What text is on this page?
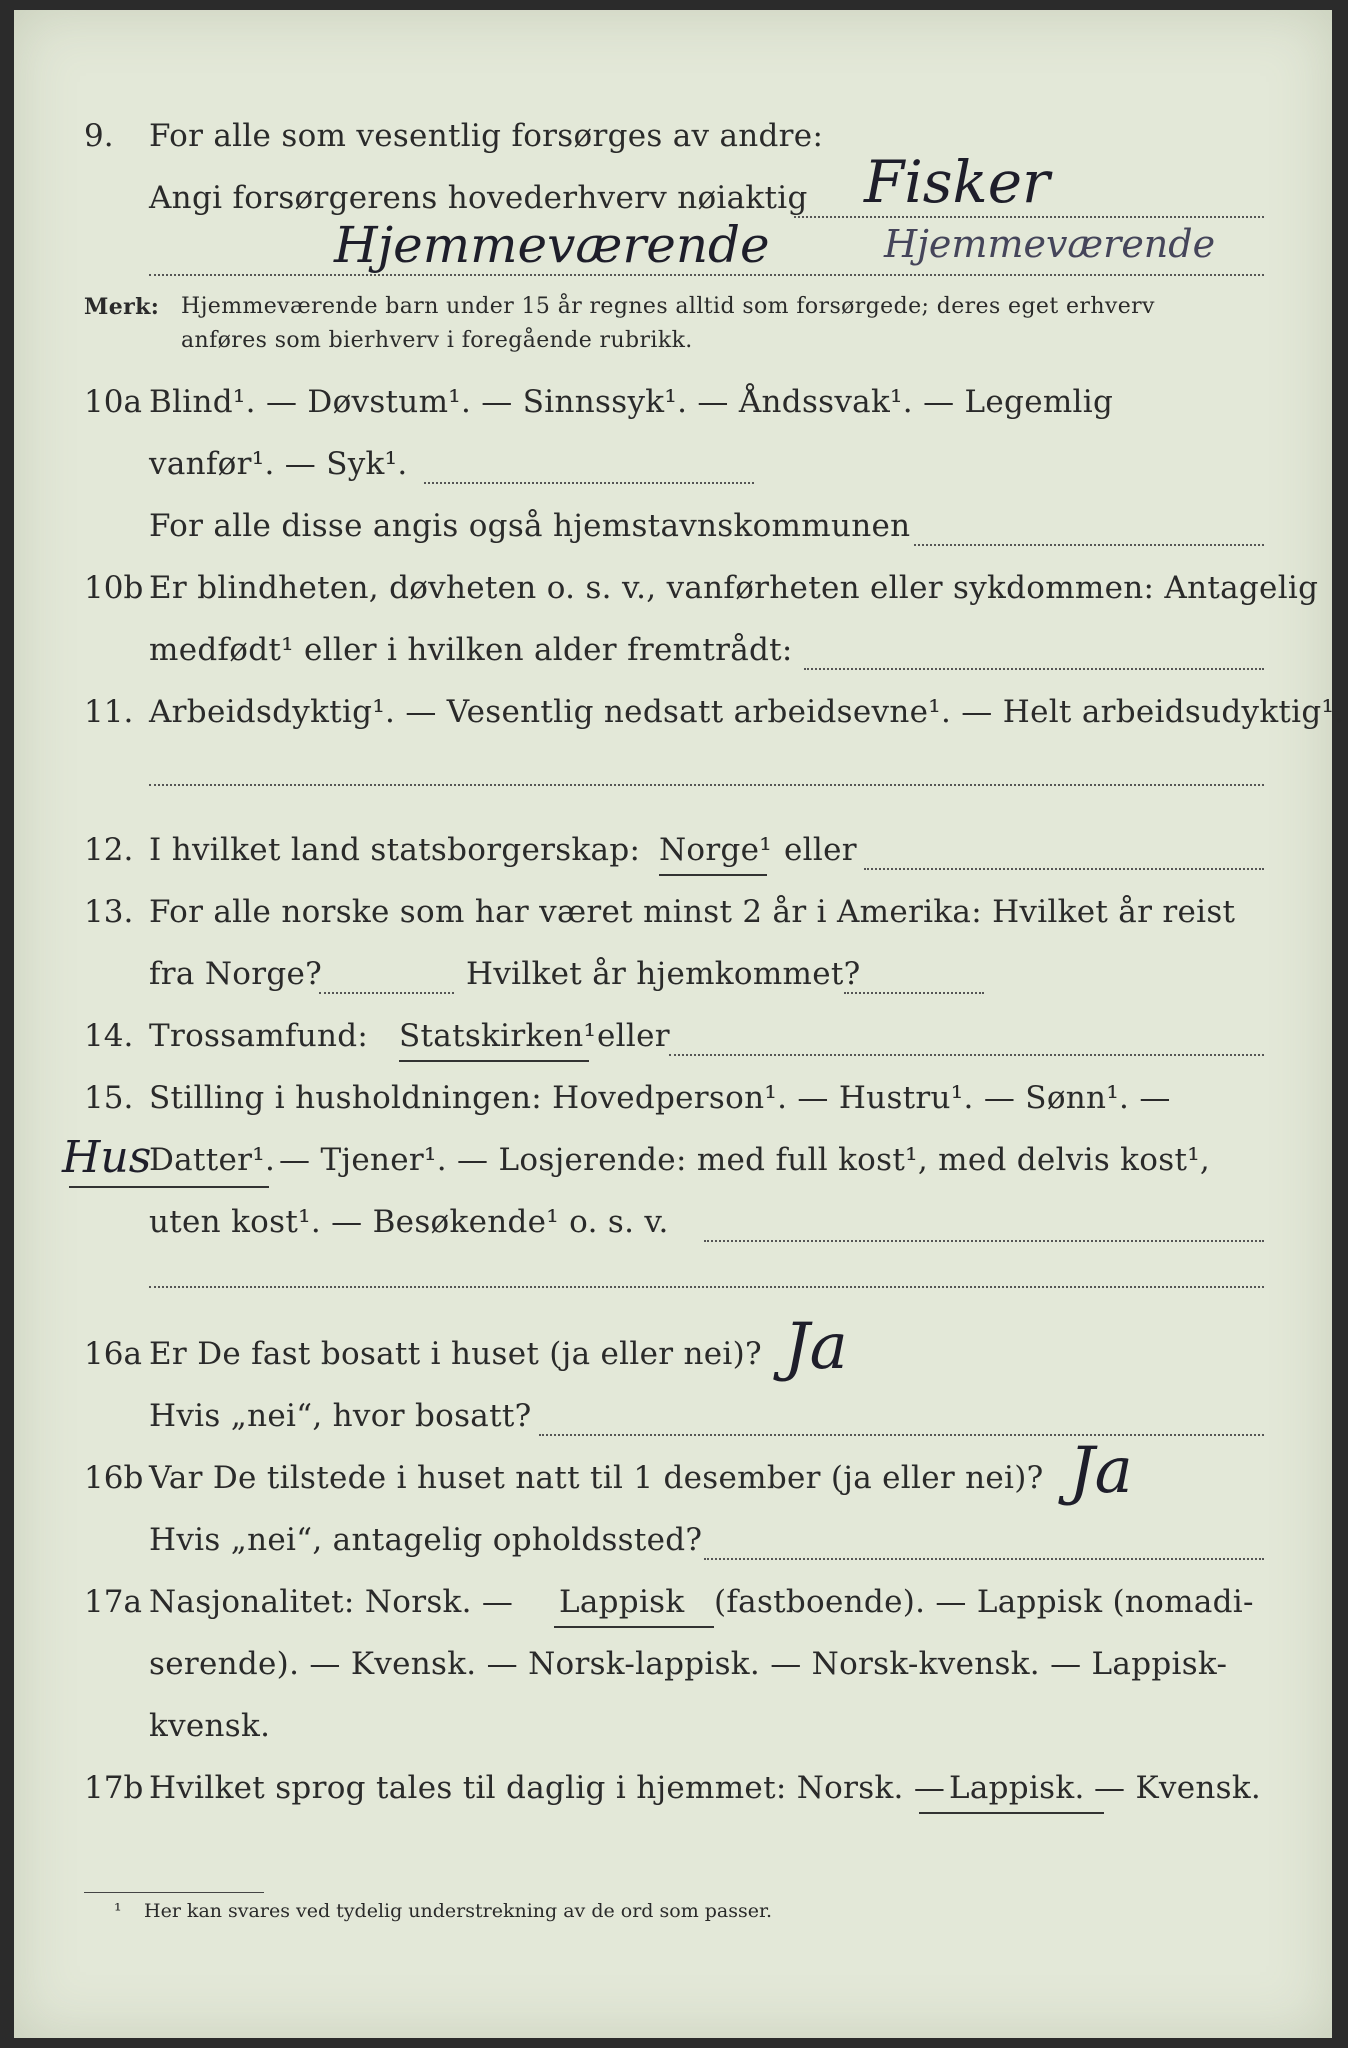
9. For alle som vesentlig forsørges av andre:
Angi forsørgerens hovederhverv nøiaktig Fisker
Hjemmeværende	Hjemmeværende
Merk: Hjemmeværende barn under 15 år regnes alltid som forsørgede; deres eget erhverv
anføres som bierhverv i foregående rubrikk.
10a Blind¹. — Døvstum¹. — Sinnssyk¹. — Åndssvak¹. — Legemlig
vanfør¹. — Syk¹.
For alle disse angis også hjemstavnskommunen
10b Er blindheten, døvheten o. s. v., vanførheten eller sykdommen: Antagelig
medfødt¹ eller i hvilken alder fremtrådt:
11. Arbeidsdyktig¹. — Vesentlig nedsatt arbeidsevne¹. — Helt arbeidsudyktig¹.
12. I hvilket land statsborgerskap: Norge¹ eller
13. For alle norske som har været minst 2 år i Amerika: Hvilket år reist
fra Norge?	Hvilket år hjemkommet?
14. Trossamfund: Statskirken¹ eller
15. Stilling i husholdningen: Hovedperson¹. — Hustru¹. — Sønn¹. —
Hus
Datter¹. — Tjener¹. — Losjerende: med full kost¹, med delvis kost¹,
uten kost¹. — Besøkende¹ o. s. v.
16a Er De fast bosatt i huset (ja eller nei)? Ja
Hvis „nei“, hvor bosatt?
16b Var De tilstede i huset natt til 1 desember (ja eller nei)? Ja
Hvis „nei“, antagelig opholdssted?
17a Nasjonalitet: Norsk. — Lappisk (fastboende). — Lappisk (nomadi-
serende). — Kvensk. — Norsk-lappisk. — Norsk-kvensk. — Lappisk-
kvensk.
17b Hvilket sprog tales til daglig i hjemmet: Norsk. — Lappisk. — Kvensk.
¹ Her kan svares ved tydelig understrekning av de ord som passer.
